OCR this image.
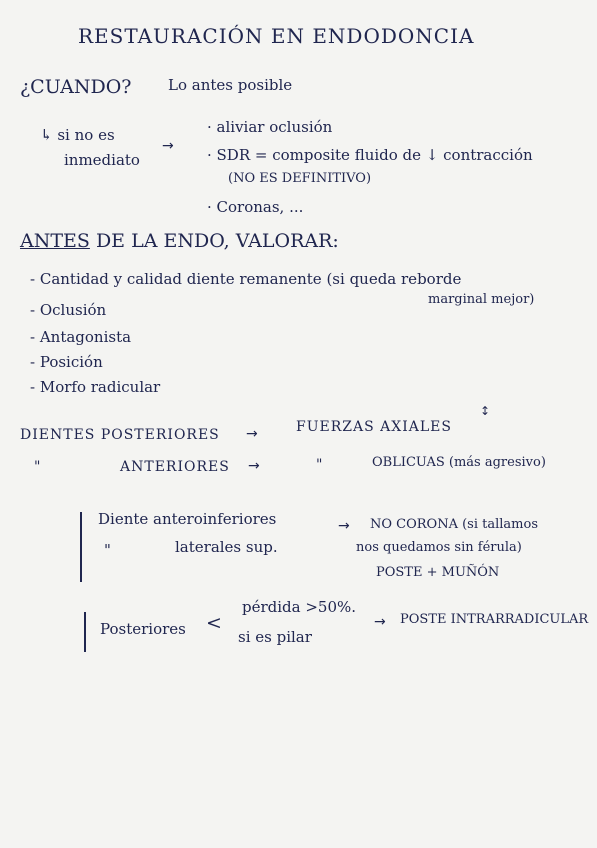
RESTAURACIÓN EN ENDODONCIA
¿CUANDO? Lo antes posible
↳ si no es
inmediato
→
· aliviar oclusión
· SDR = composite fluido de ↓ contracción
(NO ES DEFINITIVO)
· Coronas, ...
ANTES DE LA ENDO, VALORAR:
- Cantidad y calidad diente remanente (si queda reborde
marginal mejor)
- Oclusión
- Antagonista
- Posición
- Morfo radicular
DIENTES POSTERIORES →	FUERZAS AXIALES
↕
"	ANTERIORES →	"	OBLICUAS (más agresivo)
Diente anteroinferiores
"	laterales sup.
→ NO CORONA (si tallamos
nos quedamos sin férula)
POSTE + MUÑÓN
Posteriores <
pérdida >50%.
si es pilar
→ POSTE INTRARRADICULAR
